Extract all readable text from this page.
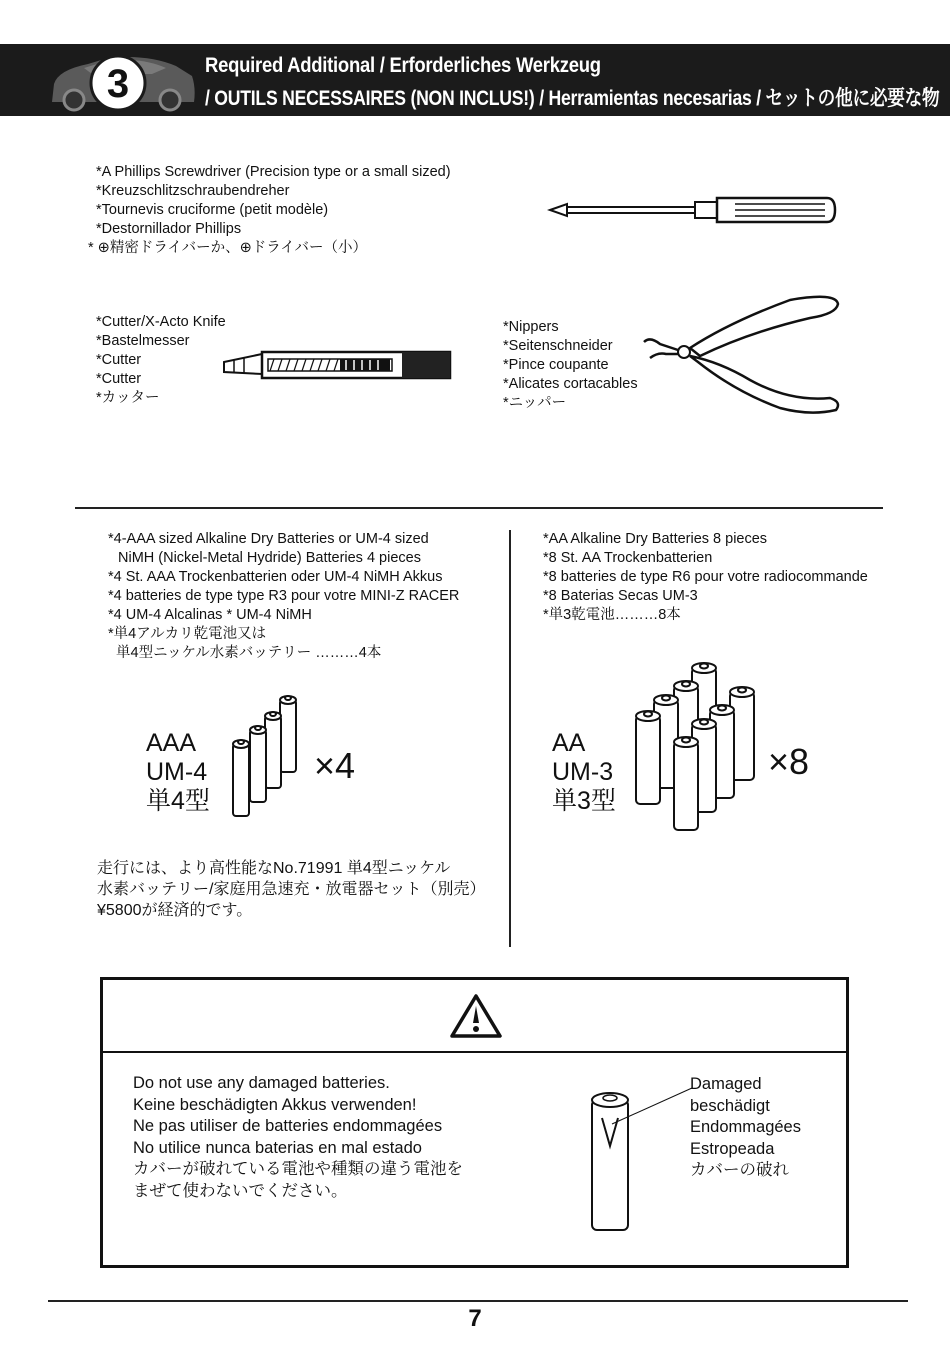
3	Required Additional / Erforderliches Werkzeug
/ OUTILS NECESSAIRES (NON INCLUS!) / Herramientas necesarias / セットの他に必要な物
*A Phillips Screwdriver (Precision type or a small sized)
*Kreuzschlitzschraubendreher
*Tournevis cruciforme (petit modèle)
*Destornillador Phillips
* ⊕精密ドライバーか、⊕ドライバー（小）
*Cutter/X-Acto Knife
*Bastelmesser
*Cutter
*Cutter
*カッター
*Nippers
*Seitenschneider
*Pince coupante
*Alicates cortacables
*ニッパー
*4-AAA sized Alkaline Dry Batteries or UM-4 sized
NiMH (Nickel-Metal Hydride) Batteries 4 pieces
*4 St. AAA Trockenbatterien oder UM-4 NiMH Akkus
*4 batteries de type type R3 pour votre MINI-Z RACER
*4 UM-4 Alcalinas * UM-4 NiMH
*単4アルカリ乾電池又は
単4型ニッケル水素バッテリー ………4本
AAA
UM-4
単4型
×4
走行には、より高性能なNo.71991 単4型ニッケル
水素バッテリー/家庭用急速充・放電器セット（別売）
¥5800が経済的です。
*AA Alkaline Dry Batteries 8 pieces
*8 St. AA Trockenbatterien
*8 batteries de type R6 pour votre radiocommande
*8 Baterias Secas UM-3
*単3乾電池………8本
AA
UM-3
単3型
×8
Do not use any damaged batteries.
Keine beschädigten Akkus verwenden!
Ne pas utiliser de batteries endommagées
No utilice nunca baterias en mal estado
カバーが破れている電池や種類の違う電池を
まぜて使わないでください。
Damaged
beschädigt
Endommagées
Estropeada
カバーの破れ
7
